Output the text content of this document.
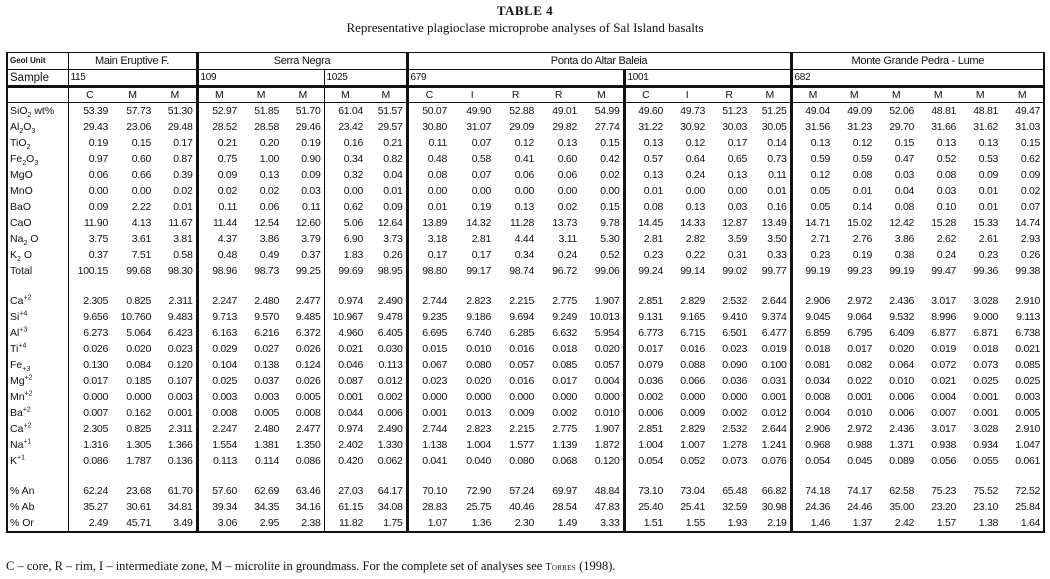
TABLE 4
Representative plagioclase microprobe analyses of Sal Island basalts
Geol Unit	Main Eruptive F.			Serra Negra					Ponta do Altar Baleia									Monte Grande Pedra - Lume					
Sample	115			109			1025		679					1001				682					
	C	M	M	M	M	M	M	M	C	I	R	R	M	C	I	R	M	M	M	M	M	M	M
SiO$_2$ wt%	53.39	57.73	51.30	52.97	51.85	51.70	61.04	51.57	50.07	49.90	52.88	49.01	54.99	49.60	49.73	51.23	51.25	49.04	49.09	52.06	48.81	48.81	49.47
$Al_2O_3$	29.43	23.06	29.48	28.52	28.58	29.46	23.42	29.57	30.80	31.07	29.09	29.82	27.74	31.22	30.92	30.03	30.05	31.56	31.23	29.70	31.66	31.62	31.03
TiO$_2$	0.19	0.15	0.17	0.21	0.20	0.19	0.16	0.21	0.11	0.07	0.12	0.13	0.15	0.13	0.12	0.17	0.14	0.13	0.12	0.15	0.13	0.13	0.15
$Fe_2O_3$	0.97	0.60	0.87	0.75	1.00	0.90	0.34	0.82	0.48	0.58	0.41	0.60	0.42	0.57	0.64	0.65	0.73	0.59	0.59	0.47	0.52	0.53	0.62
MgO	0.06	0.66	0.39	0.09	0.13	0.09	0.32	0.04	0.08	0.07	0.06	0.06	0.02	0.13	0.24	0.13	0.11	0.12	0.08	0.03	0.08	0.09	0.09
MnO	0.00	0.00	0.02	0.02	0.02	0.03	0.00	0.01	0.00	0.00	0.00	0.00	0.00	0.01	0.00	0.00	0.01	0.05	0.01	0.04	0.03	0.01	0.02
BaO	0.09	2.22	0.01	0.11	0.06	0.11	0.62	0.09	0.01	0.19	0.13	0.02	0.15	0.08	0.13	0.03	0.16	0.05	0.14	0.08	0.10	0.01	0.07
CaO	11.90	4.13	11.67	11.44	12.54	12.60	5.06	12.64	13.89	14.32	11.28	13.73	9.78	14.45	14.33	12.87	13.49	14.71	15.02	12.42	15.28	15.33	14.74
$Na_2$ O	3.75	3.61	3.81	4.37	3.86	3.79	6.90	3.73	3.18	2.81	4.44	3.11	5.30	2.81	2.82	3.59	3.50	2.71	2.76	3.86	2.62	2.61	2.93
$K_2$ O	0.37	7.51	0.58	0.48	0.49	0.37	1.83	0.26	0.17	0.17	0.34	0.24	0.52	0.23	0.22	0.31	0.33	0.23	0.19	0.38	0.24	0.23	0.26
Total	100.15	99.68	98.30	98.96	98.73	99.25	99.69	98.95	98.80	99.17	98.74	96.72	99.06	99.24	99.14	99.02	99.77	99.19	99.23	99.19	99.47	99.36	99.38

$Ca^{+2}$	2.305	0.825	2.311	2.247	2.480	2.477	0.974	2.490	2.744	2.823	2.215	2.775	1.907	2.851	2.829	2.532	2.644	2.906	2.972	2.436	3.017	3.028	2.910
$Si^{+4}$	9.656	10.760	9.483	9.713	9.570	9.485	10.967	9.478	9.235	9.186	9.694	9.249	10.013	9.131	9.165	9.410	9.374	9.045	9.064	9.532	8.996	9.000	9.113
$Al^{+3}$	6.273	5.064	6.423	6.163	6.216	6.372	4.960	6.405	6.695	6.740	6.285	6.632	5.954	6.773	6.715	6.501	6.477	6.859	6.795	6.409	6.877	6.871	6.738
$Ti^{+4}$	0.026	0.020	0.023	0.029	0.027	0.026	0.021	0.030	0.015	0.010	0.016	0.018	0.020	0.017	0.016	0.023	0.019	0.018	0.017	0.020	0.019	0.018	0.021
$Fe_{+3}$	0.130	0.084	0.120	0.104	0.138	0.124	0.046	0.113	0.067	0.080	0.057	0.085	0.057	0.079	0.088	0.090	0.100	0.081	0.082	0.064	0.072	0.073	0.085
$Mg^{+2}$	0.017	0.185	0.107	0.025	0.037	0.026	0.087	0.012	0.023	0.020	0.016	0.017	0.004	0.036	0.066	0.036	0.031	0.034	0.022	0.010	0.021	0.025	0.025
$Mn^{+2}$	0.000	0.000	0.003	0.003	0.003	0.005	0.001	0.002	0.000	0.000	0.000	0.000	0.000	0.002	0.000	0.000	0.001	0.008	0.001	0.006	0.004	0.001	0.003
$Ba^{+2}$	0.007	0.162	0.001	0.008	0.005	0.008	0.044	0.006	0.001	0.013	0.009	0.002	0.010	0.006	0.009	0.002	0.012	0.004	0.010	0.006	0.007	0.001	0.005
$Ca^{+2}$	2.305	0.825	2.311	2.247	2.480	2.477	0.974	2.490	2.744	2.823	2.215	2.775	1.907	2.851	2.829	2.532	2.644	2.906	2.972	2.436	3.017	3.028	2.910
$Na^{+1}$	1.316	1.305	1.366	1.554	1.381	1.350	2.402	1.330	1.138	1.004	1.577	1.139	1.872	1.004	1.007	1.278	1.241	0.968	0.988	1.371	0.938	0.934	1.047
$K^{+1}$	0.086	1.787	0.136	0.113	0.114	0.086	0.420	0.062	0.041	0.040	0.080	0.068	0.120	0.054	0.052	0.073	0.076	0.054	0.045	0.089	0.056	0.055	0.061

% An	62.24	23.68	61.70	57.60	62.69	63.46	27.03	64.17	70.10	72.90	57.24	69.97	48.84	73.10	73.04	65.48	66.82	74.18	74.17	62.58	75.23	75.52	72.52
% Ab	35.27	30.61	34.81	39.34	34.35	34.16	61.15	34.08	28.83	25.75	40.46	28.54	47.83	25.40	25.41	32.59	30.98	24.36	24.46	35.00	23.20	23.10	25.84
% Or	2.49	45.71	3.49	3.06	2.95	2.38	11.82	1.75	1.07	1.36	2.30	1.49	3.33	1.51	1.55	1.93	2.19	1.46	1.37	2.42	1.57	1.38	1.64
C – core, R – rim, I – intermediate zone, M – microlite in groundmass. For the complete set of analyses see Torres (1998).
